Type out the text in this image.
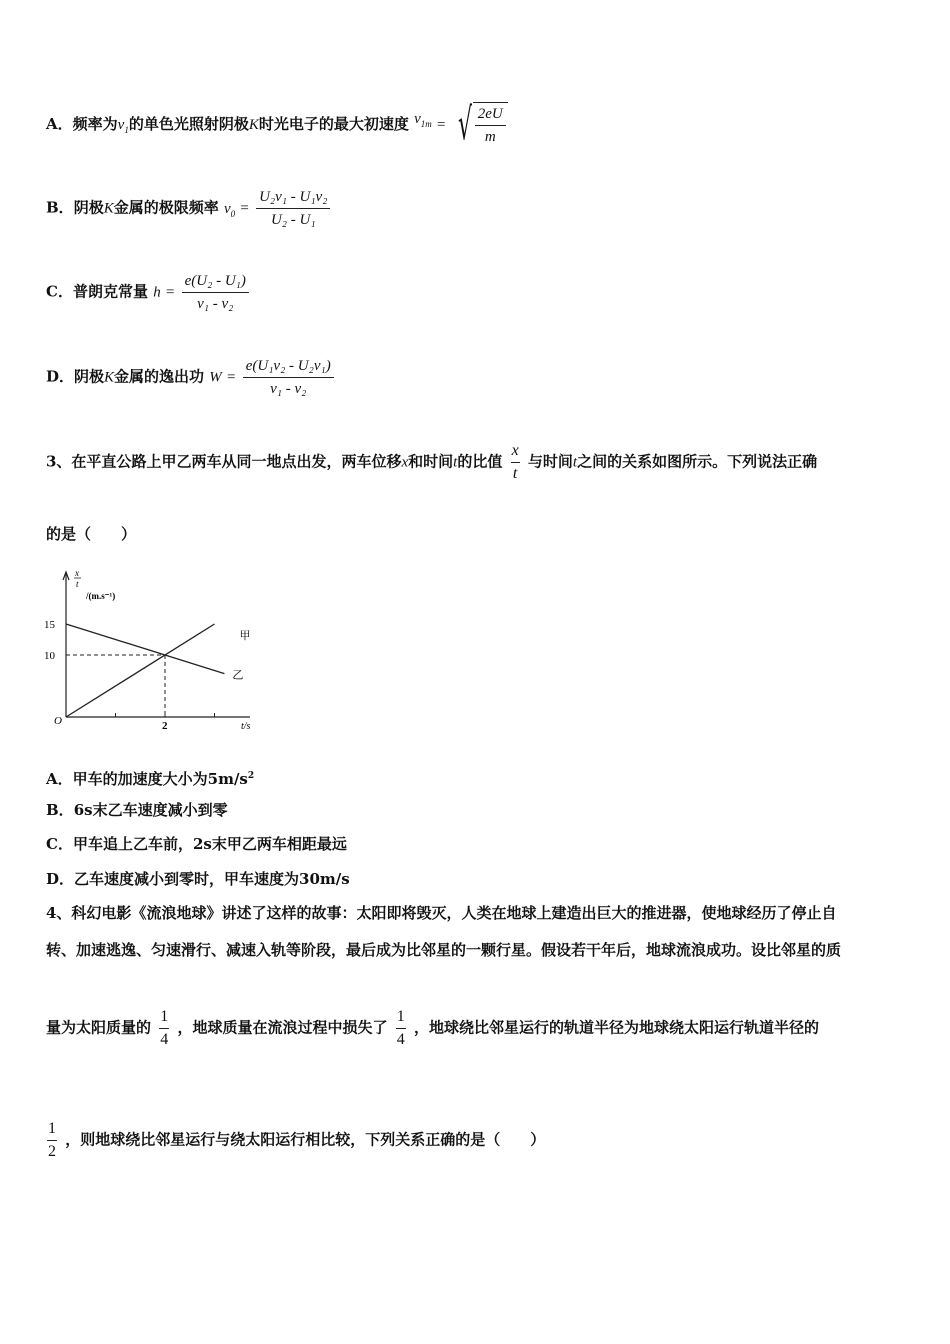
A．频率为$v_1$的单色光照射阴极K时光电子的最大初速度 $v_{1m}$ = √ $\frac{2eU}{m}$
B．阴极K金属的极限频率 $v_0 = \frac{\text{U₂v₁ - U₁v₂}}{\text{U₂ - U₁}}$
C．普朗克常量 $h = \frac{\text{e(U₂ - U₁)}}{\text{v₁ - v₂}}$
D．阴极K金属的逸出功 $W = \frac{\text{e(U₁v₂ - U₂v₁)}}{\text{v₁ - v₂}}$
3、在平直公路上甲乙两车从同一地点出发，两车位移x和时间t的比值 $\frac{x}{t}$ 与时间t之间的关系如图所示。下列说法正确
的是（　　）
15
10
2
甲
乙
x
t
/(m.s⁻¹)
O	t/s
A．甲车的加速度大小为$5m/s^2$
B．6s末乙车速度减小到零
C．甲车追上乙车前，2s末甲乙两车相距最远
D．乙车速度减小到零时，甲车速度为30m/s
4、科幻电影《流浪地球》讲述了这样的故事：太阳即将毁灭，人类在地球上建造出巨大的推进器，使地球经历了停止自
转、加速逃逸、匀速滑行、减速入轨等阶段，最后成为比邻星的一颗行星。假设若干年后，地球流浪成功。设比邻星的质
量为太阳质量的 $\frac{1}{4}$ ，地球质量在流浪过程中损失了 $\frac{1}{4}$ ，地球绕比邻星运行的轨道半径为地球绕太阳运行轨道半径的
$\frac{1}{2}$ ，则地球绕比邻星运行与绕太阳运行相比较，下列关系正确的是（　　）
